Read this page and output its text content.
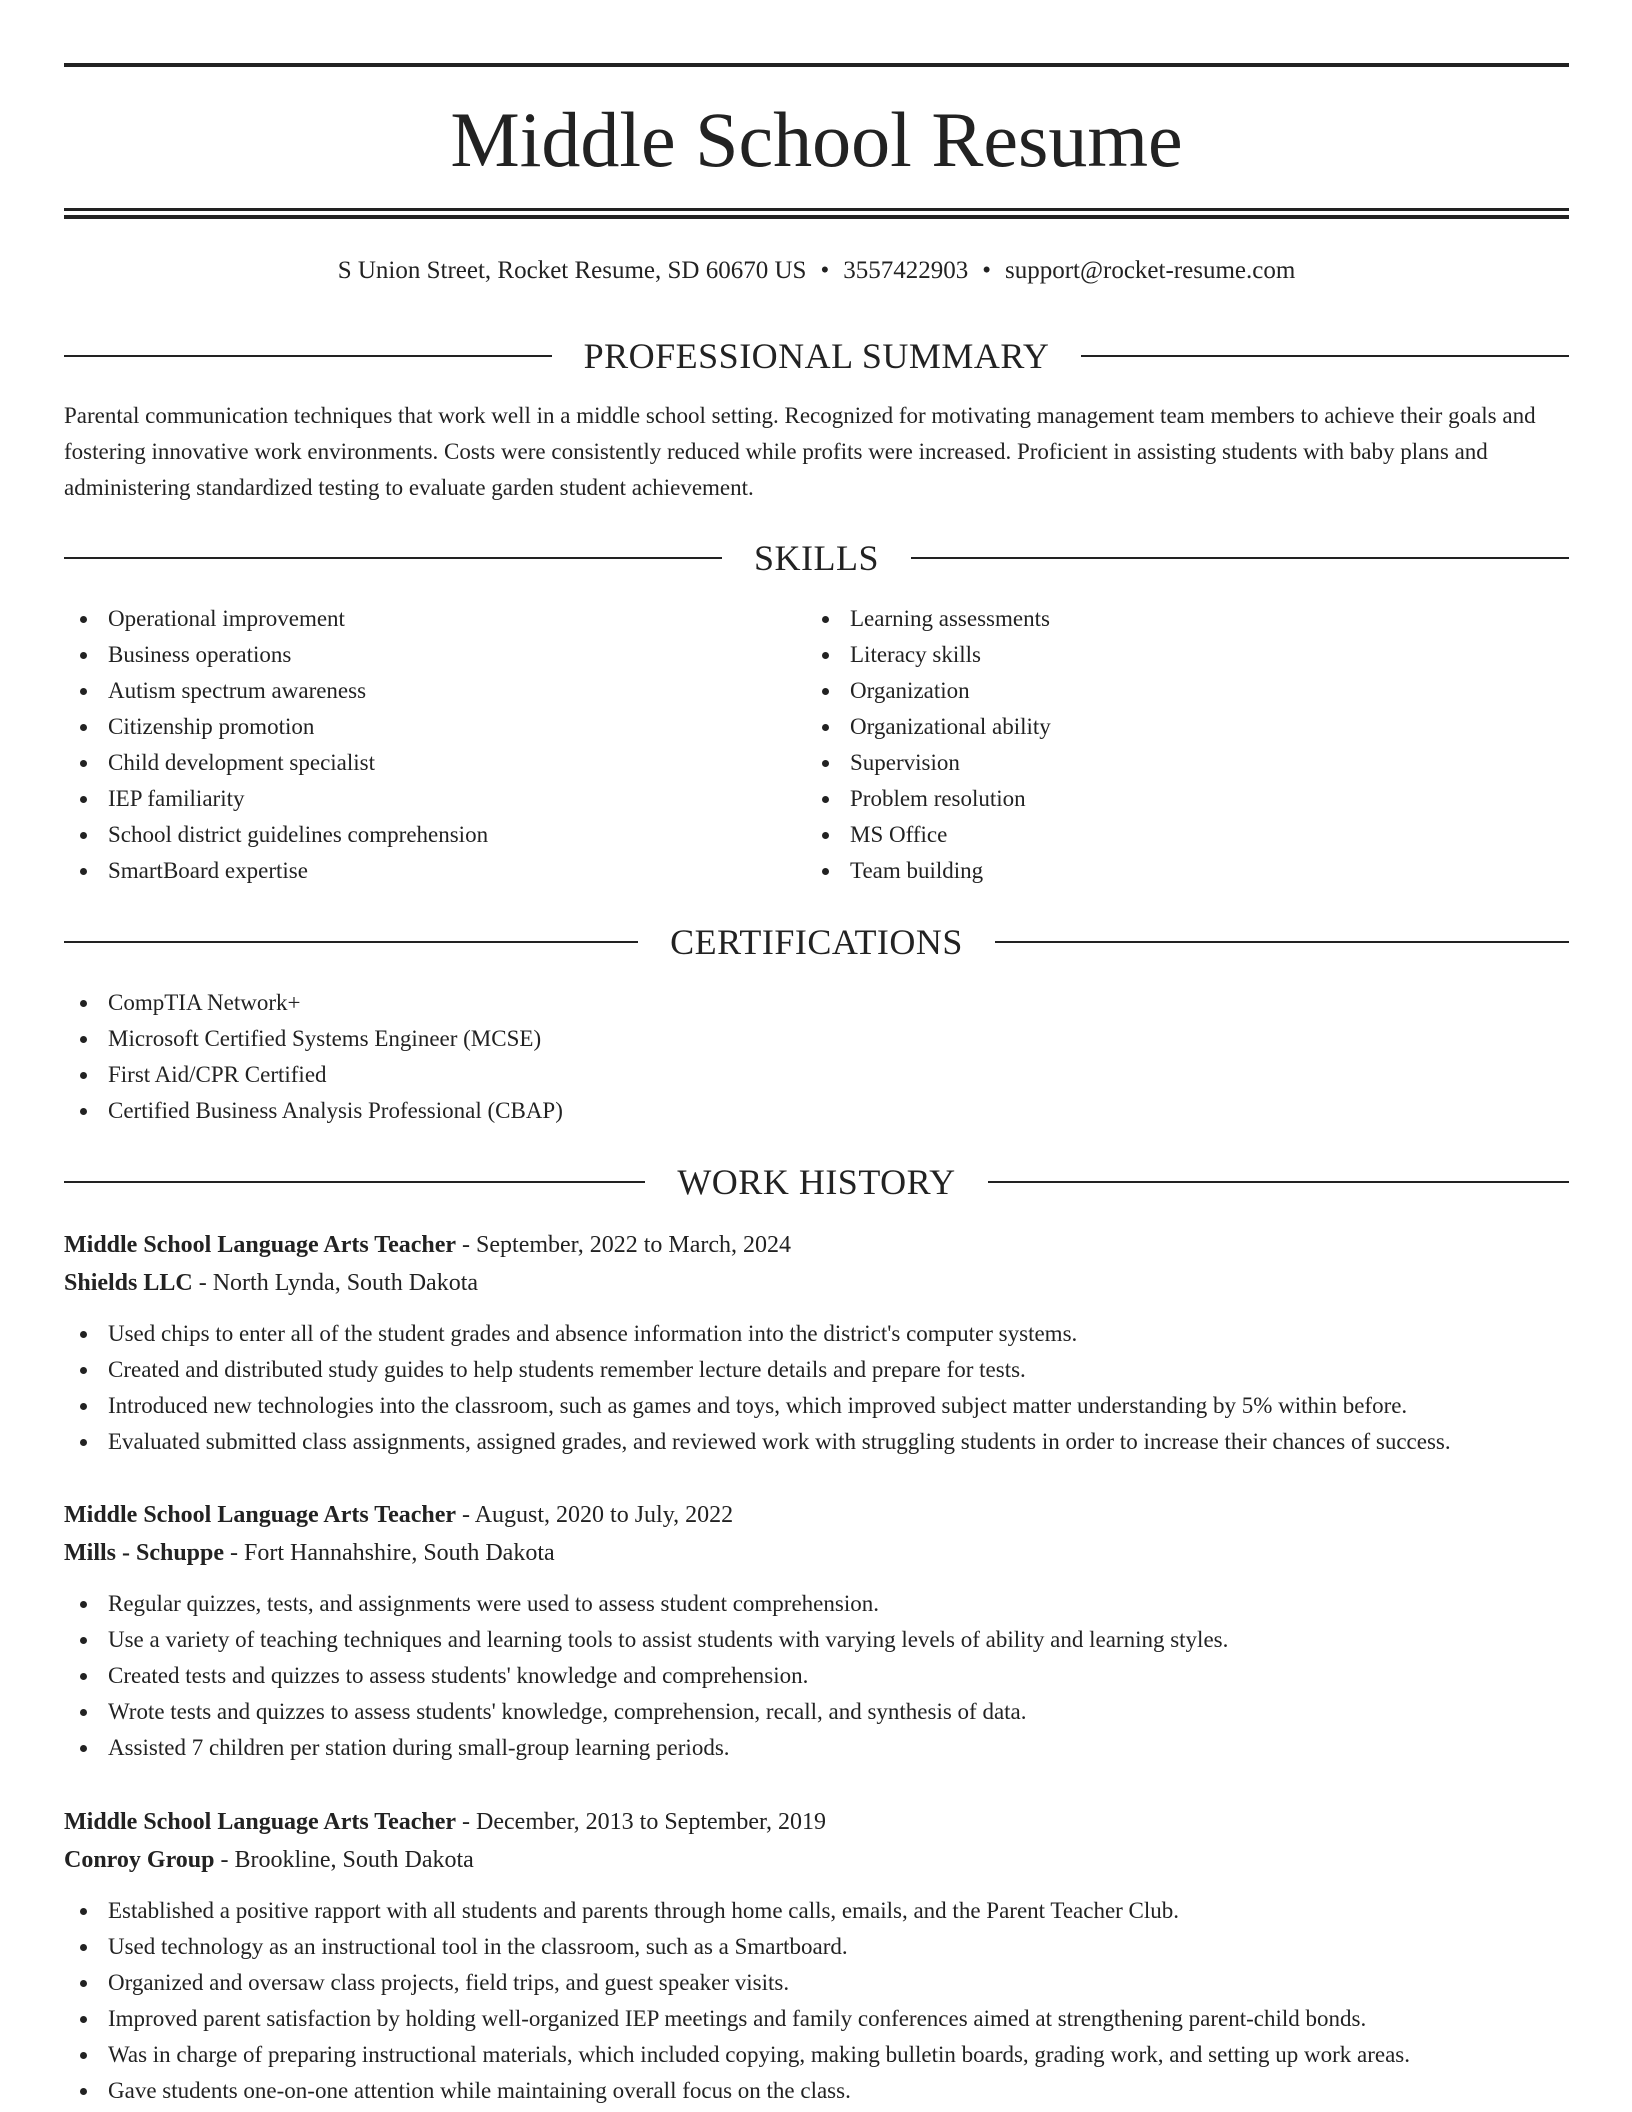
Middle School Resume
S Union Street, Rocket Resume, SD 60670 US • 3557422903 • support@rocket-resume.com
PROFESSIONAL SUMMARY

Parental communication techniques that work well in a middle school setting. Recognized for motivating management team members to achieve their goals and fostering innovative work environments. Costs were consistently reduced while profits were increased. Proficient in assisting students with baby plans and administering standardized testing to evaluate garden student achievement.

SKILLS
Operational improvement
Business operations
Autism spectrum awareness
Citizenship promotion
Child development specialist
IEP familiarity
School district guidelines comprehension
SmartBoard expertise
Learning assessments
Literacy skills
Organization
Organizational ability
Supervision
Problem resolution
MS Office
Team building
CERTIFICATIONS
CompTIA Network+
Microsoft Certified Systems Engineer (MCSE)
First Aid/CPR Certified
Certified Business Analysis Professional (CBAP)
WORK HISTORY
Middle School Language Arts Teacher - September, 2022 to March, 2024
Shields LLC - North Lynda, South Dakota
Used chips to enter all of the student grades and absence information into the district's computer systems.
Created and distributed study guides to help students remember lecture details and prepare for tests.
Introduced new technologies into the classroom, such as games and toys, which improved subject matter understanding by 5% within before.
Evaluated submitted class assignments, assigned grades, and reviewed work with struggling students in order to increase their chances of success.
Middle School Language Arts Teacher - August, 2020 to July, 2022
Mills - Schuppe - Fort Hannahshire, South Dakota
Regular quizzes, tests, and assignments were used to assess student comprehension.
Use a variety of teaching techniques and learning tools to assist students with varying levels of ability and learning styles.
Created tests and quizzes to assess students' knowledge and comprehension.
Wrote tests and quizzes to assess students' knowledge, comprehension, recall, and synthesis of data.
Assisted 7 children per station during small-group learning periods.
Middle School Language Arts Teacher - December, 2013 to September, 2019
Conroy Group - Brookline, South Dakota
Established a positive rapport with all students and parents through home calls, emails, and the Parent Teacher Club.
Used technology as an instructional tool in the classroom, such as a Smartboard.
Organized and oversaw class projects, field trips, and guest speaker visits.
Improved parent satisfaction by holding well-organized IEP meetings and family conferences aimed at strengthening parent-child bonds.
Was in charge of preparing instructional materials, which included copying, making bulletin boards, grading work, and setting up work areas.
Gave students one-on-one attention while maintaining overall focus on the class.
